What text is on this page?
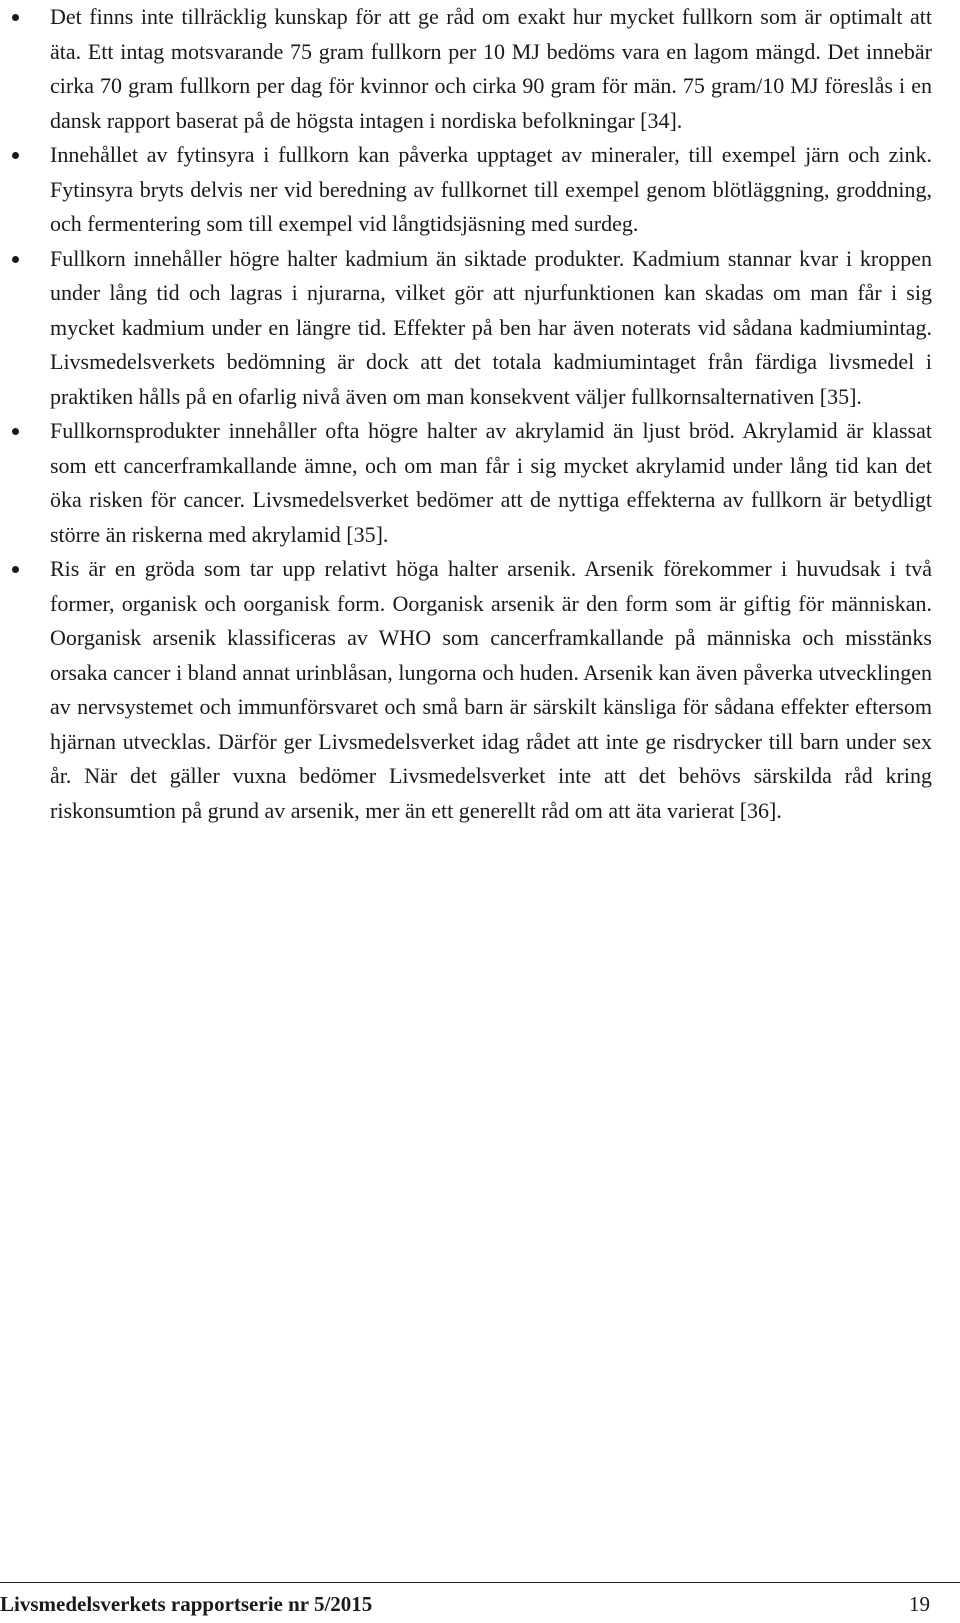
Det finns inte tillräcklig kunskap för att ge råd om exakt hur mycket fullkorn som är optimalt att äta. Ett intag motsvarande 75 gram fullkorn per 10 MJ bedöms vara en lagom mängd. Det innebär cirka 70 gram fullkorn per dag för kvinnor och cirka 90 gram för män. 75 gram/10 MJ föreslås i en dansk rapport baserat på de högsta intagen i nordiska befolkningar [34].
Innehållet av fytinsyra i fullkorn kan påverka upptaget av mineraler, till exempel järn och zink. Fytinsyra bryts delvis ner vid beredning av fullkornet till exempel genom blötläggning, groddning, och fermentering som till exempel vid långtidsjäsning med surdeg.
Fullkorn innehåller högre halter kadmium än siktade produkter. Kadmium stannar kvar i kroppen under lång tid och lagras i njurarna, vilket gör att njurfunktionen kan skadas om man får i sig mycket kadmium under en längre tid. Effekter på ben har även noterats vid sådana kadmiumintag. Livsmedelsverkets bedömning är dock att det totala kadmiumintaget från färdiga livsmedel i praktiken hålls på en ofarlig nivå även om man konsekvent väljer fullkornsalternativen [35].
Fullkornsprodukter innehåller ofta högre halter av akrylamid än ljust bröd. Akrylamid är klassat som ett cancerframkallande ämne, och om man får i sig mycket akrylamid under lång tid kan det öka risken för cancer. Livsmedelsverket bedömer att de nyttiga effekterna av fullkorn är betydligt större än riskerna med akrylamid [35].
Ris är en gröda som tar upp relativt höga halter arsenik. Arsenik förekommer i huvudsak i två former, organisk och oorganisk form. Oorganisk arsenik är den form som är giftig för människan. Oorganisk arsenik klassificeras av WHO som cancerframkallande på människa och misstänks orsaka cancer i bland annat urinblåsan, lungorna och huden. Arsenik kan även påverka utvecklingen av nervsystemet och immunförsvaret och små barn är särskilt känsliga för sådana effekter eftersom hjärnan utvecklas. Därför ger Livsmedelsverket idag rådet att inte ge risdrycker till barn under sex år. När det gäller vuxna bedömer Livsmedelsverket inte att det behövs särskilda råd kring riskonsumtion på grund av arsenik, mer än ett generellt råd om att äta varierat [36].
Livsmedelsverkets rapportserie nr 5/2015	19
